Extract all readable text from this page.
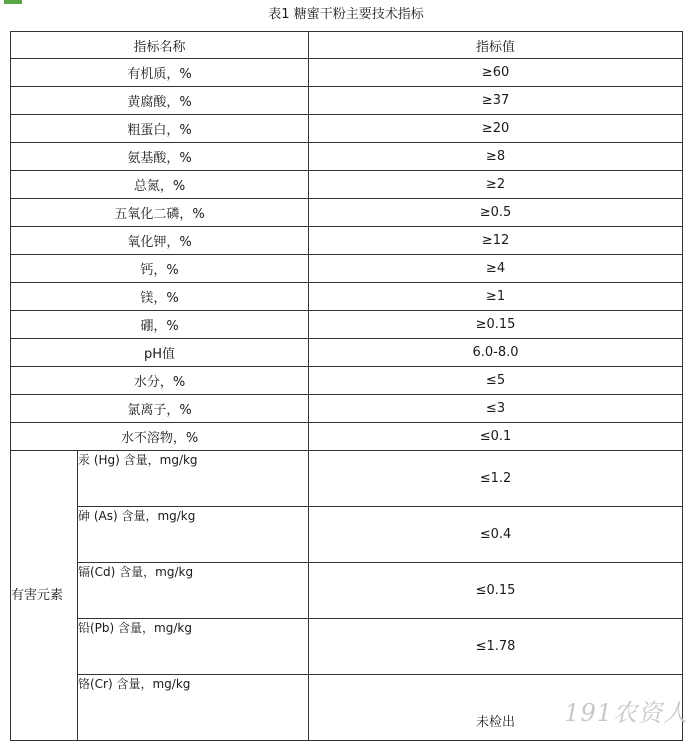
表1 糖蜜干粉主要技术指标
指标名称		指标值
有机质，%		≥60
黄腐酸，%		≥37
粗蛋白，%		≥20
氨基酸，%		≥8
总氮，%		≥2
五氧化二磷，%		≥0.5
氧化钾，%		≥12
钙，%		≥4
镁，%		≥1
硼，%		≥0.15
pH值		6.0-8.0
水分，%		≤5
氯离子，%		≤3
水不溶物，%		≤0.1
有害元素	汞 (Hg) 含量，mg/kg	≤1.2
	砷 (As) 含量，mg/kg	≤0.4
	镉(Cd) 含量，mg/kg	≤0.15
	铅(Pb) 含量，mg/kg	≤1.78
	铬(Cr) 含量，mg/kg	未检出 191农资人
